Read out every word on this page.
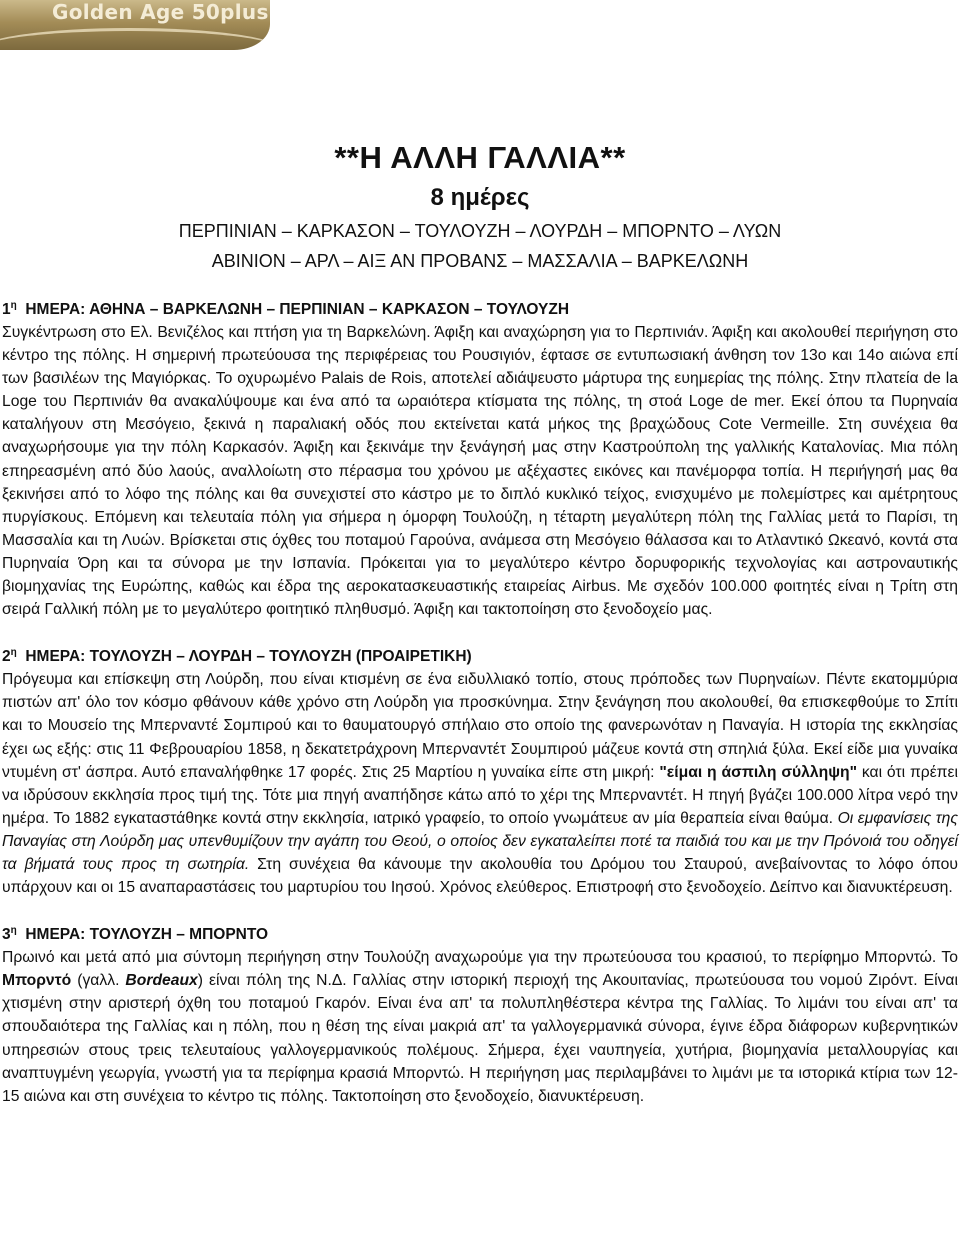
Golden Age 50plus

**Η ΑΛΛΗ ΓΑΛΛΙΑ**

8 ημέρες

ΠΕΡΠΙΝΙΑΝ – ΚΑΡΚΑΣΟΝ – ΤΟΥΛΟΥΖΗ – ΛΟΥΡΔΗ – ΜΠΟΡΝΤΟ – ΛΥΩΝ

ΑΒΙΝΙΟΝ – ΑΡΛ – ΑΙΞ ΑΝ ΠΡΟΒΑΝΣ – ΜΑΣΣΑΛΙΑ – ΒΑΡΚΕΛΩΝΗ

$1^\eta$ ΗΜΕΡΑ: ΑΘΗΝΑ – ΒΑΡΚΕΛΩΝΗ – ΠΕΡΠΙΝΙΑΝ – ΚΑΡΚΑΣΟΝ – ΤΟΥΛΟΥΖΗ

Συγκέντρωση στο Ελ. Βενιζέλος και πτήση για τη Βαρκελώνη. Άφιξη και αναχώρηση για το Περπινιάν. Άφιξη και ακολουθεί περιήγηση στο κέντρο της πόλης. Η σημερινή πρωτεύουσα της περιφέρειας του Ρουσιγιόν, έφτασε σε εντυπωσιακή άνθηση τον 13ο και 14ο αιώνα επί των βασιλέων της Μαγιόρκας. Το οχυρωμένο Palais de Rois, αποτελεί αδιάψευστο μάρτυρα της ευημερίας της πόλης. Στην πλατεία de la Loge του Περπινιάν θα ανακαλύψουμε και ένα από τα ωραιότερα κτίσματα της πόλης, τη στοά Loge de mer. Εκεί όπου τα Πυρηναία καταλήγουν στη Μεσόγειο, ξεκινά η παραλιακή οδός που εκτείνεται κατά μήκος της βραχώδους Cote Vermeille. Στη συνέχεια θα αναχωρήσουμε για την πόλη Καρκασόν. Άφιξη και ξεκινάμε την ξενάγησή μας στην Καστρούπολη της γαλλικής Καταλονίας. Μια πόλη επηρεασμένη από δύο λαούς, αναλλοίωτη στο πέρασμα του χρόνου με αξέχαστες εικόνες και πανέμορφα τοπία. Η περιήγησή μας θα ξεκινήσει από το λόφο της πόλης και θα συνεχιστεί στο κάστρο με το διπλό κυκλικό τείχος, ενισχυμένο με πολεμίστρες και αμέτρητους πυργίσκους. Επόμενη και τελευταία πόλη για σήμερα η όμορφη Τουλούζη, η τέταρτη μεγαλύτερη πόλη της Γαλλίας μετά το Παρίσι, τη Μασσαλία και τη Λυών. Βρίσκεται στις όχθες του ποταμού Γαρούνα, ανάμεσα στη Μεσόγειο θάλασσα και το Ατλαντικό Ωκεανό, κοντά στα Πυρηναία Όρη και τα σύνορα με την Ισπανία. Πρόκειται για το μεγαλύτερο κέντρο δορυφορικής τεχνολογίας και αστροναυτικής βιομηχανίας της Ευρώπης, καθώς και έδρα της αεροκατασκευαστικής εταιρείας Airbus. Με σχεδόν 100.000 φοιτητές είναι η Τρίτη στη σειρά Γαλλική πόλη με το μεγαλύτερο φοιτητικό πληθυσμό. Άφιξη και τακτοποίηση στο ξενοδοχείο μας.

$2^\eta$ ΗΜΕΡΑ: ΤΟΥΛΟΥΖΗ – ΛΟΥΡΔΗ – ΤΟΥΛΟΥΖΗ (ΠΡΟΑΙΡΕΤΙΚΗ)

Πρόγευμα και επίσκεψη στη Λούρδη, που είναι κτισμένη σε ένα ειδυλλιακό τοπίο, στους πρόποδες των Πυρηναίων. Πέντε εκατομμύρια πιστών απ' όλο τον κόσμο φθάνουν κάθε χρόνο στη Λούρδη για προσκύνημα. Στην ξενάγηση που ακολουθεί, θα επισκεφθούμε το Σπίτι και το Μουσείο της Μπερναντέ Σομπιρού και το θαυματουργό σπήλαιο στο οποίο της φανερωνόταν η Παναγία. Η ιστορία της εκκλησίας έχει ως εξής: στις 11 Φεβρουαρίου 1858, η δεκατετράχρονη Μπερναντέτ Σουμπιρού μάζευε κοντά στη σπηλιά ξύλα. Εκεί είδε μια γυναίκα ντυμένη στ' άσπρα. Αυτό επαναλήφθηκε 17 φορές. Στις 25 Μαρτίου η γυναίκα είπε στη μικρή: "είμαι η άσπιλη σύλληψη" και ότι πρέπει να ιδρύσουν εκκλησία προς τιμή της. Τότε μια πηγή αναπήδησε κάτω από το χέρι της Μπερναντέτ. Η πηγή βγάζει 100.000 λίτρα νερό την ημέρα. Το 1882 εγκαταστάθηκε κοντά στην εκκλησία, ιατρικό γραφείο, το οποίο γνωμάτευε αν μία θεραπεία είναι θαύμα. Οι εμφανίσεις της Παναγίας στη Λούρδη μας υπενθυμίζουν την αγάπη του Θεού, ο οποίος δεν εγκαταλείπει ποτέ τα παιδιά του και με την Πρόνοιά του οδηγεί τα βήματά τους προς τη σωτηρία. Στη συνέχεια θα κάνουμε την ακολουθία του Δρόμου του Σταυρού, ανεβαίνοντας το λόφο όπου υπάρχουν και οι 15 αναπαραστάσεις του μαρτυρίου του Ιησού. Χρόνος ελεύθερος. Επιστροφή στο ξενοδοχείο. Δείπνο και διανυκτέρευση.

$3^\eta$ ΗΜΕΡΑ: ΤΟΥΛΟΥΖΗ – ΜΠΟΡΝΤΟ

Πρωινό και μετά από μια σύντομη περιήγηση στην Τουλούζη αναχωρούμε για την πρωτεύουσα του κρασιού, το περίφημο Μπορντώ. Το Μπορντό (γαλλ. Bordeaux) είναι πόλη της Ν.Δ. Γαλλίας στην ιστορική περιοχή της Ακουιτανίας, πρωτεύουσα του νομού Ζιρόντ. Είναι χτισμένη στην αριστερή όχθη του ποταμού Γκαρόν. Είναι ένα απ' τα πολυπληθέστερα κέντρα της Γαλλίας. Το λιμάνι του είναι απ' τα σπουδαιότερα της Γαλλίας και η πόλη, που η θέση της είναι μακριά απ' τα γαλλογερμανικά σύνορα, έγινε έδρα διάφορων κυβερνητικών υπηρεσιών στους τρεις τελευταίους γαλλογερμανικούς πολέμους. Σήμερα, έχει ναυπηγεία, χυτήρια, βιομηχανία μεταλλουργίας και αναπτυγμένη γεωργία, γνωστή για τα περίφημα κρασιά Μπορντώ. Η περιήγηση μας περιλαμβάνει το λιμάνι με τα ιστορικά κτίρια των 12-15 αιώνα και στη συνέχεια το κέντρο τις πόλης. Τακτοποίηση στο ξενοδοχείο, διανυκτέρευση.
